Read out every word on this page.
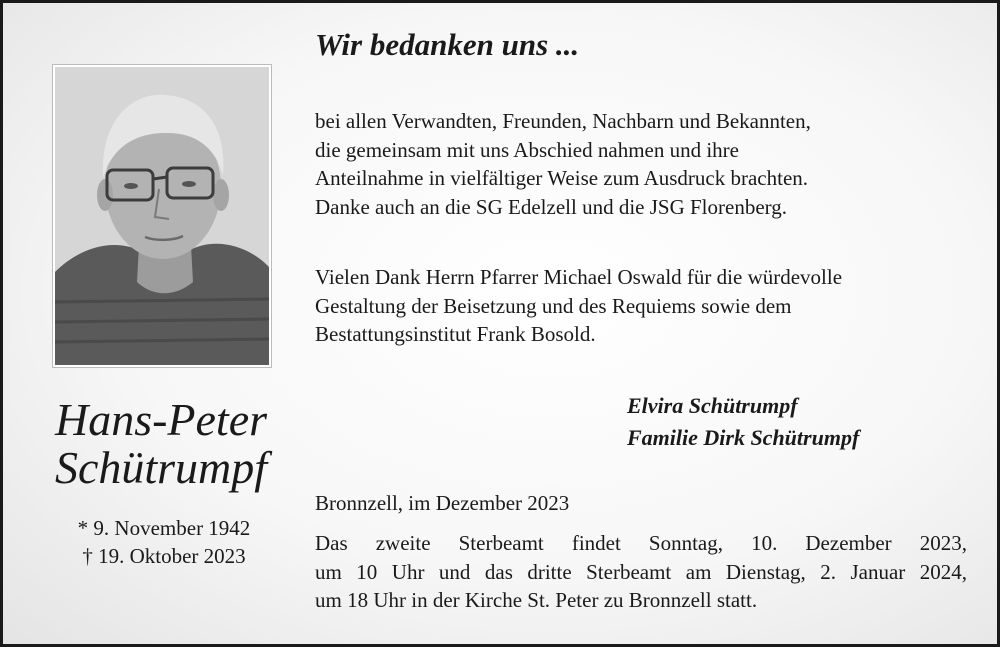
Hans-Peter
Schütrumpf
* 9. November 1942
† 19. Oktober 2023
Wir bedanken uns ...
bei allen Verwandten, Freunden, Nachbarn und Bekannten,
die gemeinsam mit uns Abschied nahmen und ihre
Anteilnahme in vielfältiger Weise zum Ausdruck brachten.
Danke auch an die SG Edelzell und die JSG Florenberg.
Vielen Dank Herrn Pfarrer Michael Oswald für die würdevolle
Gestaltung der Beisetzung und des Requiems sowie dem
Bestattungsinstitut Frank Bosold.
Elvira Schütrumpf
Familie Dirk Schütrumpf
Bronnzell, im Dezember 2023
Das zweite Sterbeamt findet Sonntag, 10. Dezember 2023,
um 10 Uhr und das dritte Sterbeamt am Dienstag, 2. Januar 2024,
um 18 Uhr in der Kirche St. Peter zu Bronnzell statt.
